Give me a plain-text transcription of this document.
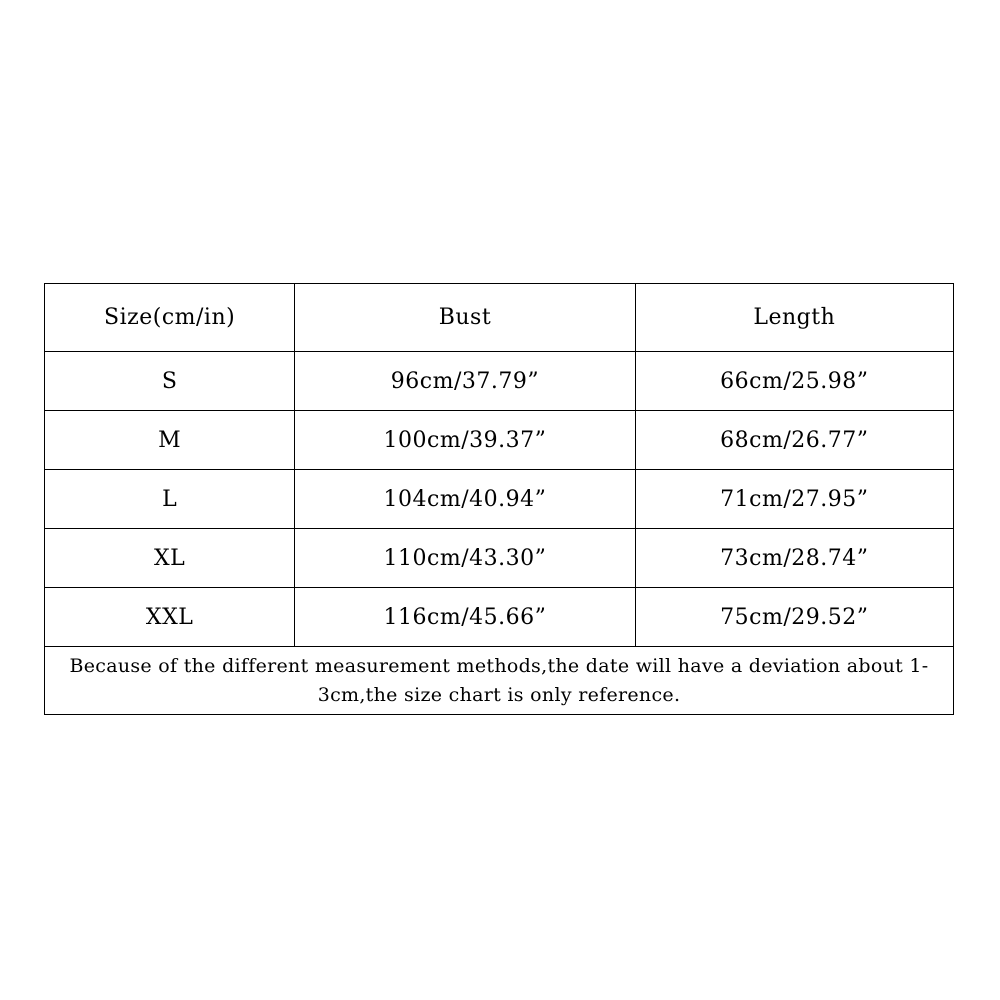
Size(cm/in)	Bust	Length
S	96cm/37.79”	66cm/25.98”
M	100cm/39.37”	68cm/26.77”
L	104cm/40.94”	71cm/27.95”
XL	110cm/43.30”	73cm/28.74”
XXL	116cm/45.66”	75cm/29.52”
Because of the different measurement methods,the date will have a deviation about 1-3cm,the size chart is only reference.		
